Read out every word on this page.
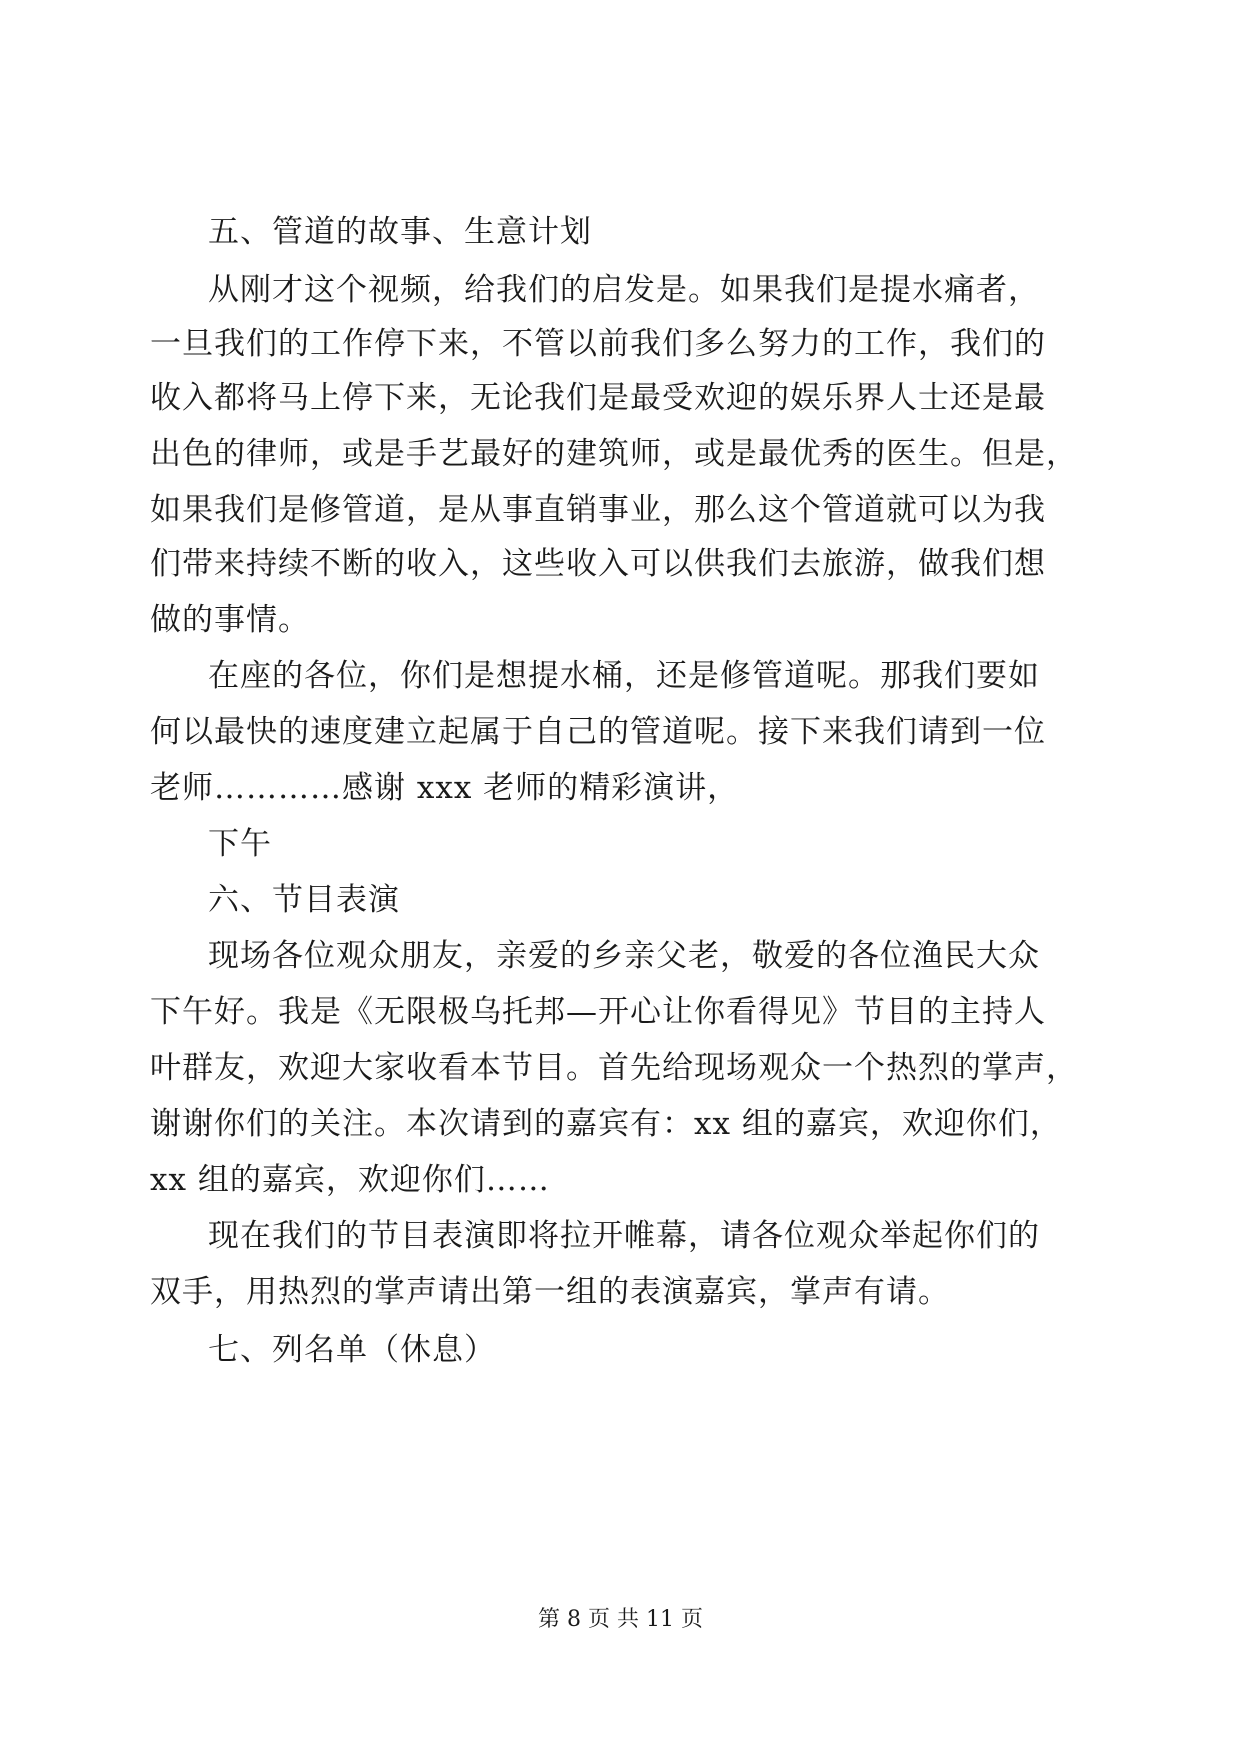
五、管道的故事、生意计划
从刚才这个视频，给我们的启发是。如果我们是提水痛者，
一旦我们的工作停下来，不管以前我们多么努力的工作，我们的
收入都将马上停下来，无论我们是最受欢迎的娱乐界人士还是最
出色的律师，或是手艺最好的建筑师，或是最优秀的医生。但是，
如果我们是修管道，是从事直销事业，那么这个管道就可以为我
们带来持续不断的收入，这些收入可以供我们去旅游，做我们想
做的事情。
在座的各位，你们是想提水桶，还是修管道呢。那我们要如
何以最快的速度建立起属于自己的管道呢。接下来我们请到一位
老师…………感谢 xxx 老师的精彩演讲，
下午
六、节目表演
现场各位观众朋友，亲爱的乡亲父老，敬爱的各位渔民大众
下午好。我是《无限极乌托邦—开心让你看得见》节目的主持人
叶群友，欢迎大家收看本节目。首先给现场观众一个热烈的掌声，
谢谢你们的关注。本次请到的嘉宾有：xx 组的嘉宾，欢迎你们，
xx 组的嘉宾，欢迎你们……
现在我们的节目表演即将拉开帷幕，请各位观众举起你们的
双手，用热烈的掌声请出第一组的表演嘉宾，掌声有请。
七、列名单（休息）
第 8 页 共 11 页
